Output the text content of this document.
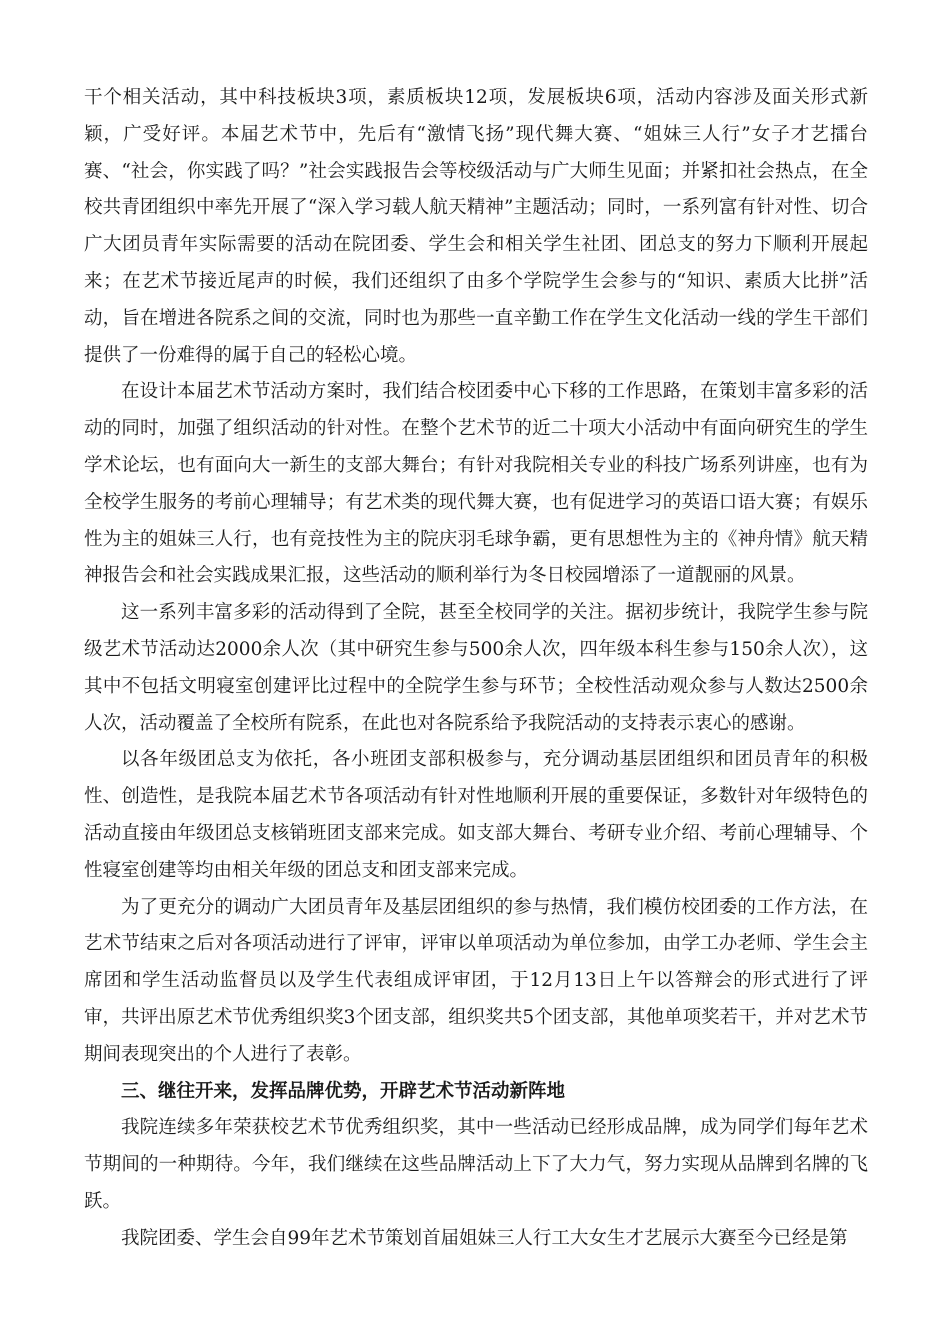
干个相关活动，其中科技板块3项，素质板块12项，发展板块6项，活动内容涉及面关形式新颖，广受好评。本届艺术节中，先后有“激情飞扬”现代舞大赛、“姐妹三人行”女子才艺擂台赛、“社会，你实践了吗？”社会实践报告会等校级活动与广大师生见面；并紧扣社会热点，在全校共青团组织中率先开展了“深入学习载人航天精神”主题活动；同时，一系列富有针对性、切合广大团员青年实际需要的活动在院团委、学生会和相关学生社团、团总支的努力下顺利开展起来；在艺术节接近尾声的时候，我们还组织了由多个学院学生会参与的“知识、素质大比拼”活动，旨在增进各院系之间的交流，同时也为那些一直辛勤工作在学生文化活动一线的学生干部们提供了一份难得的属于自己的轻松心境。

在设计本届艺术节活动方案时，我们结合校团委中心下移的工作思路，在策划丰富多彩的活动的同时，加强了组织活动的针对性。在整个艺术节的近二十项大小活动中有面向研究生的学生学术论坛，也有面向大一新生的支部大舞台；有针对我院相关专业的科技广场系列讲座，也有为全校学生服务的考前心理辅导；有艺术类的现代舞大赛，也有促进学习的英语口语大赛；有娱乐性为主的姐妹三人行，也有竞技性为主的院庆羽毛球争霸，更有思想性为主的《神舟情》航天精神报告会和社会实践成果汇报，这些活动的顺利举行为冬日校园增添了一道靓丽的风景。

这一系列丰富多彩的活动得到了全院，甚至全校同学的关注。据初步统计，我院学生参与院级艺术节活动达2000余人次（其中研究生参与500余人次，四年级本科生参与150余人次），这其中不包括文明寝室创建评比过程中的全院学生参与环节；全校性活动观众参与人数达2500余人次，活动覆盖了全校所有院系，在此也对各院系给予我院活动的支持表示衷心的感谢。

以各年级团总支为依托，各小班团支部积极参与，充分调动基层团组织和团员青年的积极性、创造性，是我院本届艺术节各项活动有针对性地顺利开展的重要保证，多数针对年级特色的活动直接由年级团总支核销班团支部来完成。如支部大舞台、考研专业介绍、考前心理辅导、个性寝室创建等均由相关年级的团总支和团支部来完成。

为了更充分的调动广大团员青年及基层团组织的参与热情，我们模仿校团委的工作方法，在艺术节结束之后对各项活动进行了评审，评审以单项活动为单位参加，由学工办老师、学生会主席团和学生活动监督员以及学生代表组成评审团，于12月13日上午以答辩会的形式进行了评审，共评出原艺术节优秀组织奖3个团支部，组织奖共5个团支部，其他单项奖若干，并对艺术节期间表现突出的个人进行了表彰。

三、继往开来，发挥品牌优势，开辟艺术节活动新阵地

我院连续多年荣获校艺术节优秀组织奖，其中一些活动已经形成品牌，成为同学们每年艺术节期间的一种期待。今年，我们继续在这些品牌活动上下了大力气，努力实现从品牌到名牌的飞跃。

我院团委、学生会自99年艺术节策划首届姐妹三人行工大女生才艺展示大赛至今已经是第
